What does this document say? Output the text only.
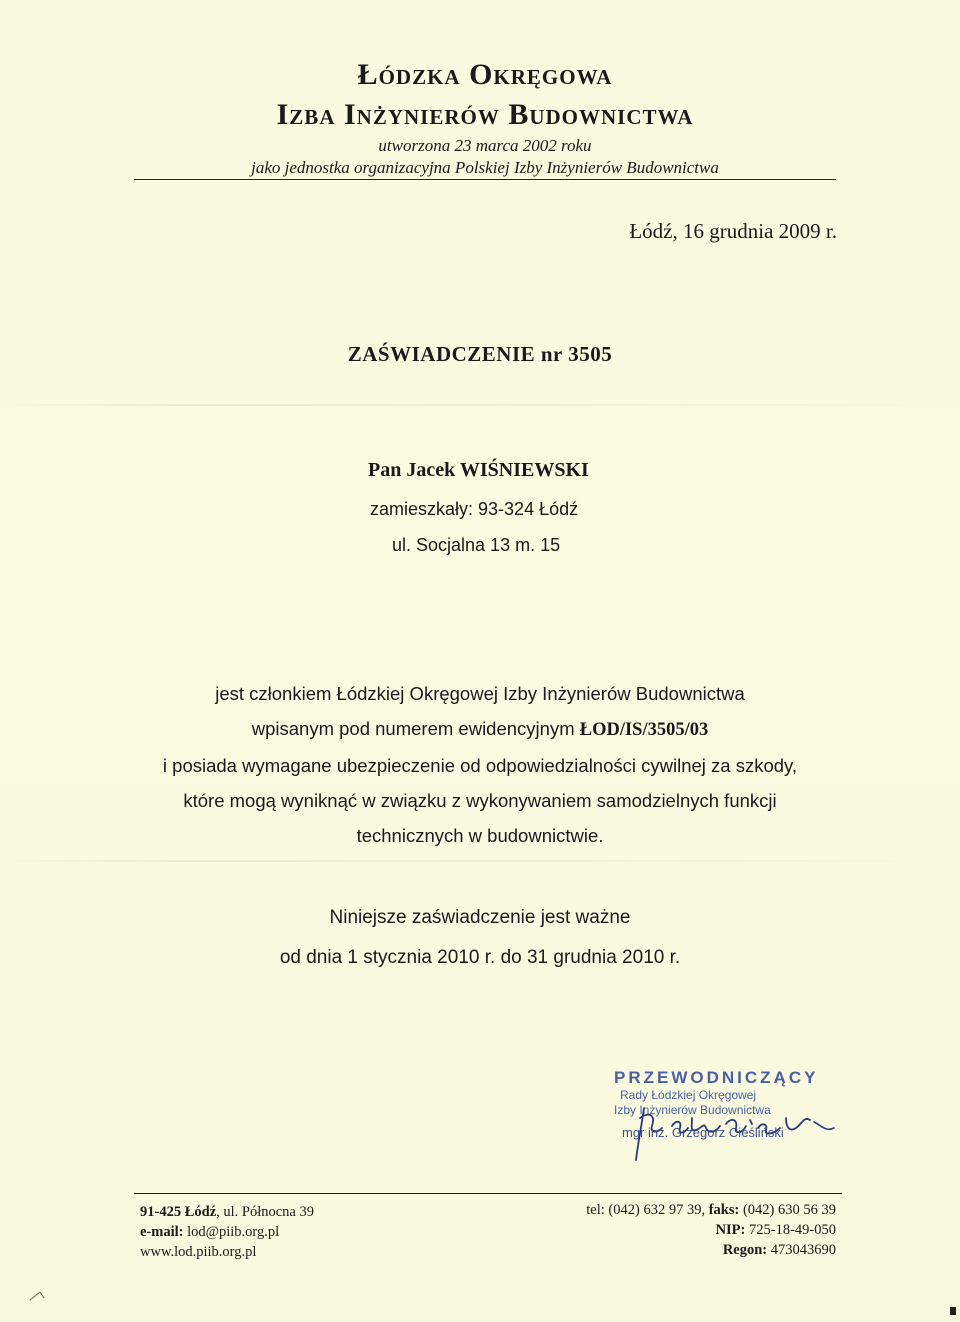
Łódzka Okręgowa
Izba Inżynierów Budownictwa
utworzona 23 marca 2002 roku
jako jednostka organizacyjna Polskiej Izby Inżynierów Budownictwa
Łódź, 16 grudnia 2009 r.
ZAŚWIADCZENIE nr 3505
Pan Jacek WIŚNIEWSKI
zamieszkały: 93-324 Łódź
ul. Socjalna 13 m. 15
jest członkiem Łódzkiej Okręgowej Izby Inżynierów Budownictwa
wpisanym pod numerem ewidencyjnym ŁOD/IS/3505/03
i posiada wymagane ubezpieczenie od odpowiedzialności cywilnej za szkody,
które mogą wyniknąć w związku z wykonywaniem samodzielnych funkcji
technicznych w budownictwie.
Niniejsze zaświadczenie jest ważne
od dnia 1 stycznia 2010 r. do 31 grudnia 2010 r.
PRZEWODNICZĄCY
Rady Łódzkiej Okręgowej
Izby Inżynierów Budownictwa
mgr inż. Grzegorz Cieśliński
91-425 Łódź, ul. Północna 39
e-mail: lod@piib.org.pl
www.lod.piib.org.pl
tel: (042) 632 97 39, faks: (042) 630 56 39
NIP: 725-18-49-050
Regon: 473043690
